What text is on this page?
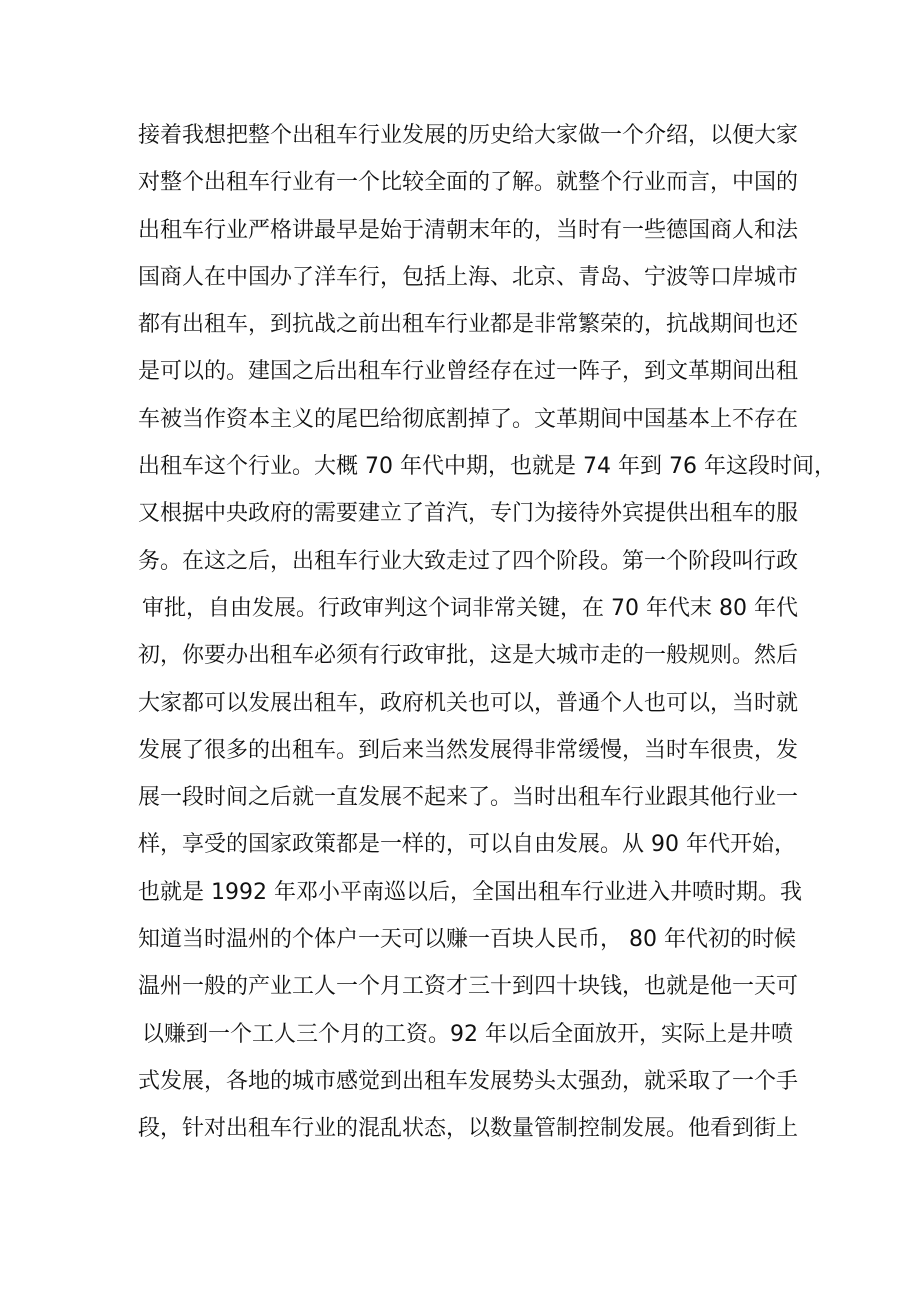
接着我想把整个出租车行业发展的历史给大家做一个介绍，以便大家
对整个出租车行业有一个比较全面的了解。就整个行业而言，中国的
出租车行业严格讲最早是始于清朝末年的，当时有一些德国商人和法
国商人在中国办了洋车行，包括上海、北京、青岛、宁波等口岸城市
都有出租车，到抗战之前出租车行业都是非常繁荣的，抗战期间也还
是可以的。建国之后出租车行业曾经存在过一阵子，到文革期间出租
车被当作资本主义的尾巴给彻底割掉了。文革期间中国基本上不存在
出租车这个行业。大概 70 年代中期，也就是 74 年到 76 年这段时间，
又根据中央政府的需要建立了首汽，专门为接待外宾提供出租车的服
务。在这之后，出租车行业大致走过了四个阶段。第一个阶段叫行政
审批，自由发展。行政审判这个词非常关键，在 70 年代末 80 年代
初，你要办出租车必须有行政审批，这是大城市走的一般规则。然后
大家都可以发展出租车，政府机关也可以，普通个人也可以，当时就
发展了很多的出租车。到后来当然发展得非常缓慢，当时车很贵，发
展一段时间之后就一直发展不起来了。当时出租车行业跟其他行业一
样，享受的国家政策都是一样的，可以自由发展。从 90 年代开始，
也就是 1992 年邓小平南巡以后，全国出租车行业进入井喷时期。我
知道当时温州的个体户一天可以赚一百块人民币， 80 年代初的时候
温州一般的产业工人一个月工资才三十到四十块钱，也就是他一天可
以赚到一个工人三个月的工资。92 年以后全面放开，实际上是井喷
式发展，各地的城市感觉到出租车发展势头太强劲，就采取了一个手
段，针对出租车行业的混乱状态，以数量管制控制发展。他看到街上
